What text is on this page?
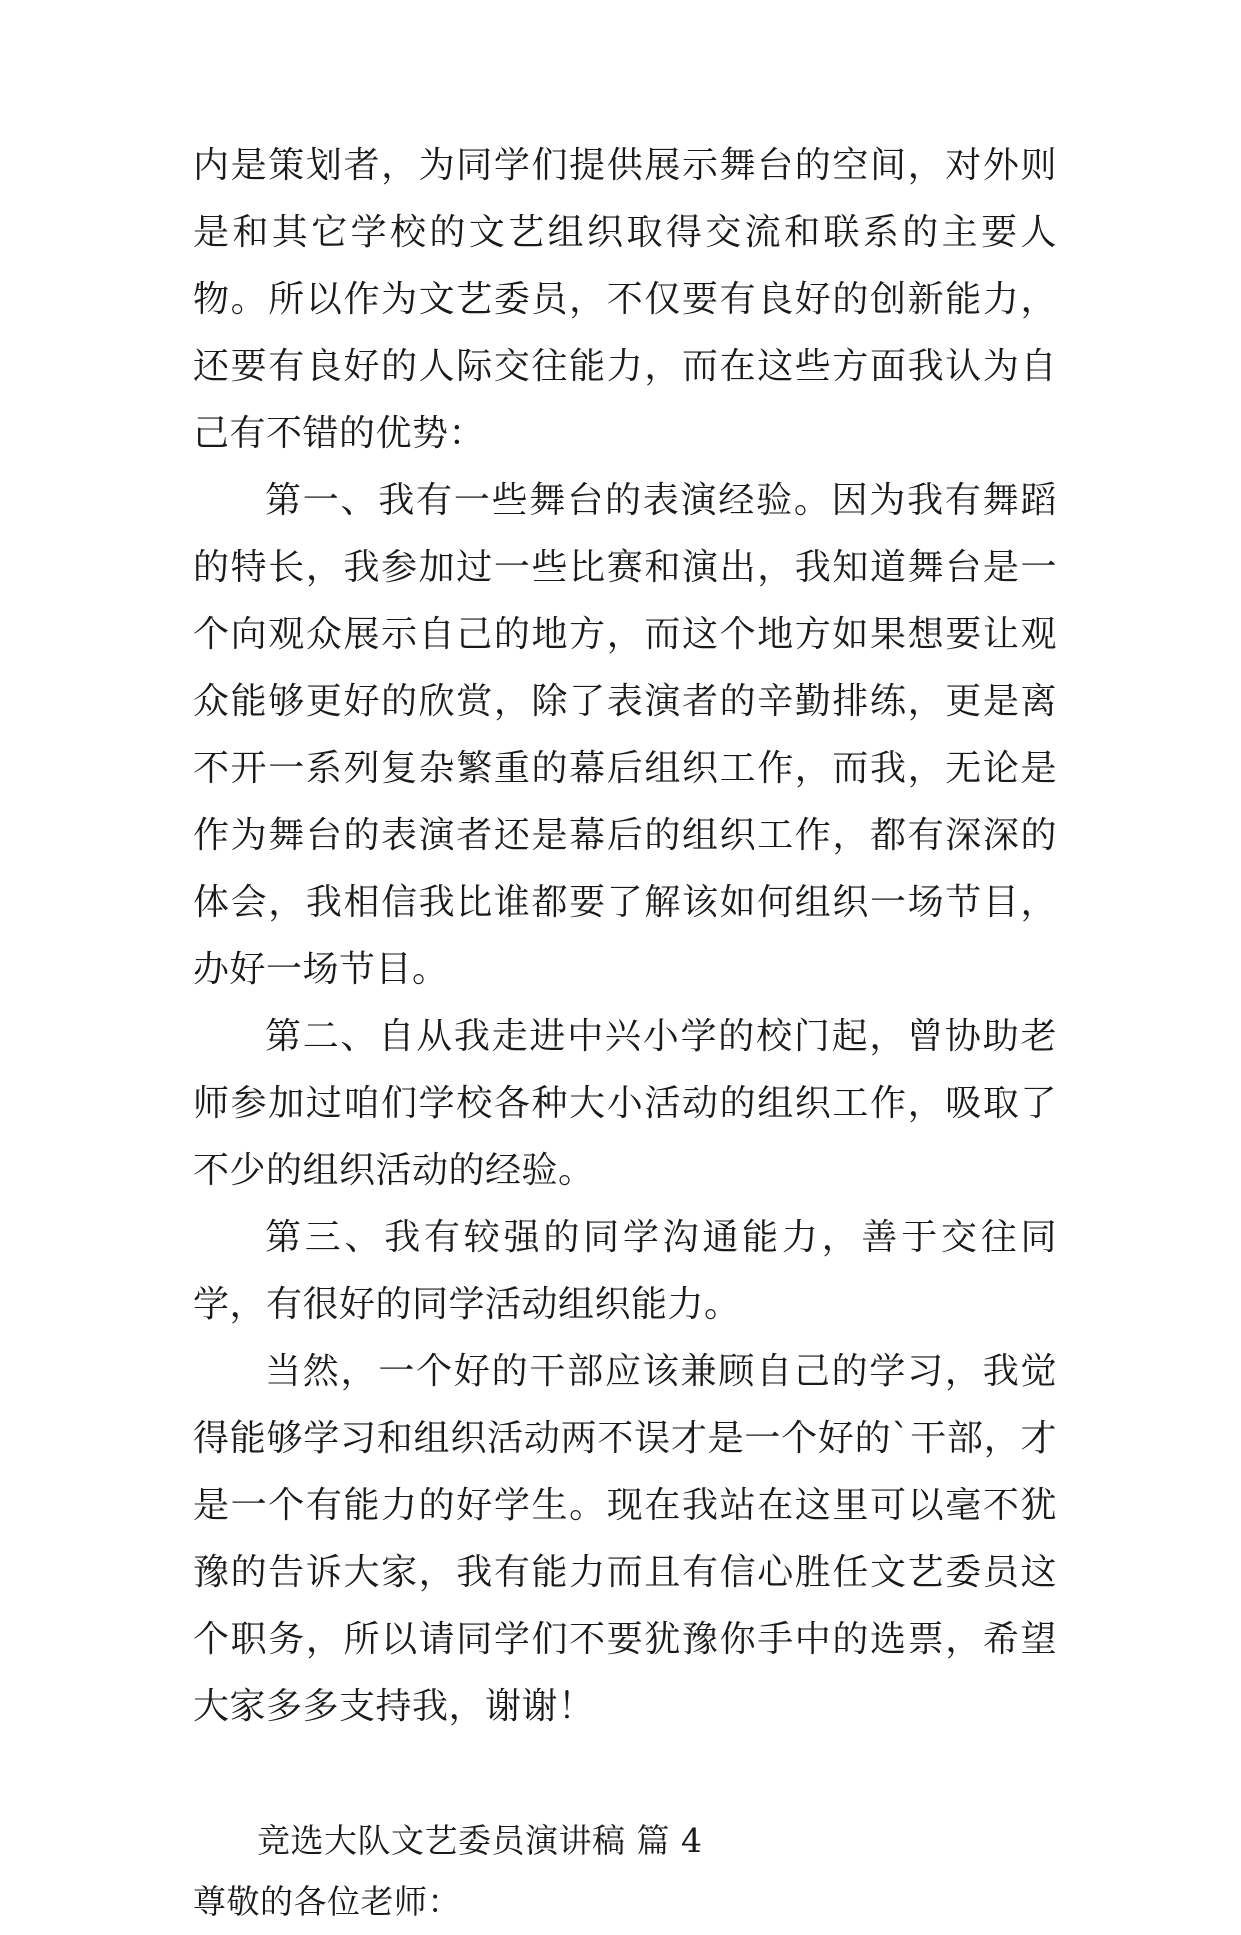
内是策划者，为同学们提供展示舞台的空间，对外则是和其它学校的文艺组织取得交流和联系的主要人物。所以作为文艺委员，不仅要有良好的创新能力，还要有良好的人际交往能力，而在这些方面我认为自己有不错的优势：

第一、我有一些舞台的表演经验。因为我有舞蹈的特长，我参加过一些比赛和演出，我知道舞台是一个向观众展示自己的地方，而这个地方如果想要让观众能够更好的欣赏，除了表演者的辛勤排练，更是离不开一系列复杂繁重的幕后组织工作，而我，无论是作为舞台的表演者还是幕后的组织工作，都有深深的体会，我相信我比谁都要了解该如何组织一场节目，办好一场节目。

第二、自从我走进中兴小学的校门起，曾协助老师参加过咱们学校各种大小活动的组织工作，吸取了不少的组织活动的经验。

第三、我有较强的同学沟通能力，善于交往同学，有很好的同学活动组织能力。

当然，一个好的干部应该兼顾自己的学习，我觉得能够学习和组织活动两不误才是一个好的`干部，才是一个有能力的好学生。现在我站在这里可以毫不犹豫的告诉大家，我有能力而且有信心胜任文艺委员这个职务，所以请同学们不要犹豫你手中的选票，希望大家多多支持我，谢谢！

竞选大队文艺委员演讲稿 篇 4

尊敬的各位老师：
